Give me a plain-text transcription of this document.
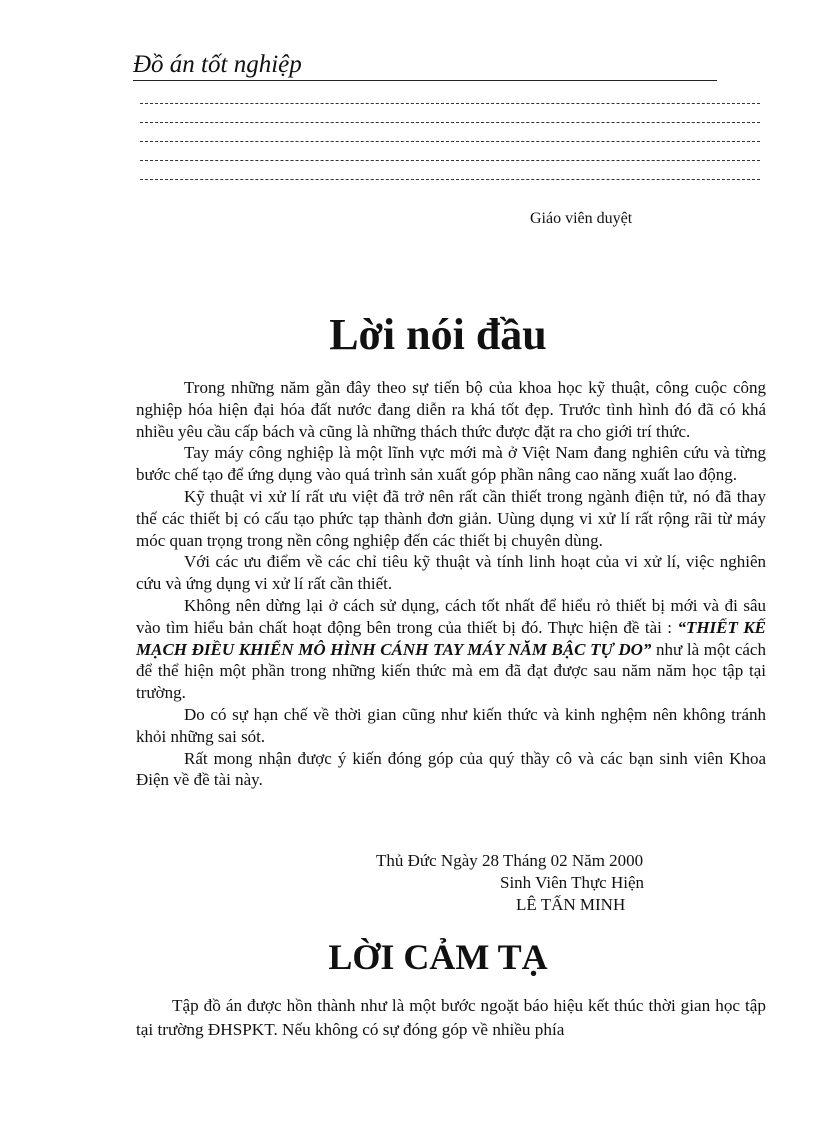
Đồ án tốt nghiệp
Giáo viên duyệt
Lời nói đầu

Trong những năm gần đây theo sự tiến bộ của khoa học kỹ thuật, công cuộc công nghiệp hóa hiện đại hóa đất nước đang diễn ra khá tốt đẹp. Trước tình hình đó đã có khá nhiều yêu cầu cấp bách và cũng là những thách thức được đặt ra cho giới trí thức.

Tay máy công nghiệp là một lĩnh vực mới mà ở Việt Nam đang nghiên cứu và từng bước chế tạo để ứng dụng vào quá trình sản xuất góp phần nâng cao năng xuất lao động.

Kỹ thuật vi xử lí rất ưu việt đã trở nên rất cần thiết trong ngành điện tử, nó đã thay thế các thiết bị có cấu tạo phức tạp thành đơn giản. Uùng dụng vi xử lí rất rộng rãi từ máy móc quan trọng trong nền công nghiệp đến các thiết bị chuyên dùng.

Với các ưu điểm về các chỉ tiêu kỹ thuật và tính linh hoạt của vi xử lí, việc nghiên cứu và ứng dụng vi xử lí rất cần thiết.

Không nên dừng lại ở cách sử dụng, cách tốt nhất để hiểu rỏ thiết bị mới và đi sâu vào tìm hiểu bản chất hoạt động bên trong của thiết bị đó. Thực hiện đề tài : “THIẾT KẾ MẠCH ĐIỀU KHIỂN MÔ HÌNH CÁNH TAY MÁY NĂM BẬC TỰ DO” như là một cách để thể hiện một phần trong những kiến thức mà em đã đạt được sau năm năm học tập tại trường.

Do có sự hạn chế về thời gian cũng như kiến thức và kinh nghệm nên không tránh khỏi những sai sót.

Rất mong nhận được ý kiến đóng góp của quý thầy cô và các bạn sinh viên Khoa Điện về đề tài này.

Thủ Đức Ngày 28 Tháng 02 Năm 2000
Sinh Viên Thực Hiện
LÊ TẤN MINH
LỜI CẢM TẠ

Tập đồ án được hồn thành như là một bước ngoặt báo hiệu kết thúc thời gian học tập tại trường ĐHSPKT. Nếu không có sự đóng góp về nhiều phía
